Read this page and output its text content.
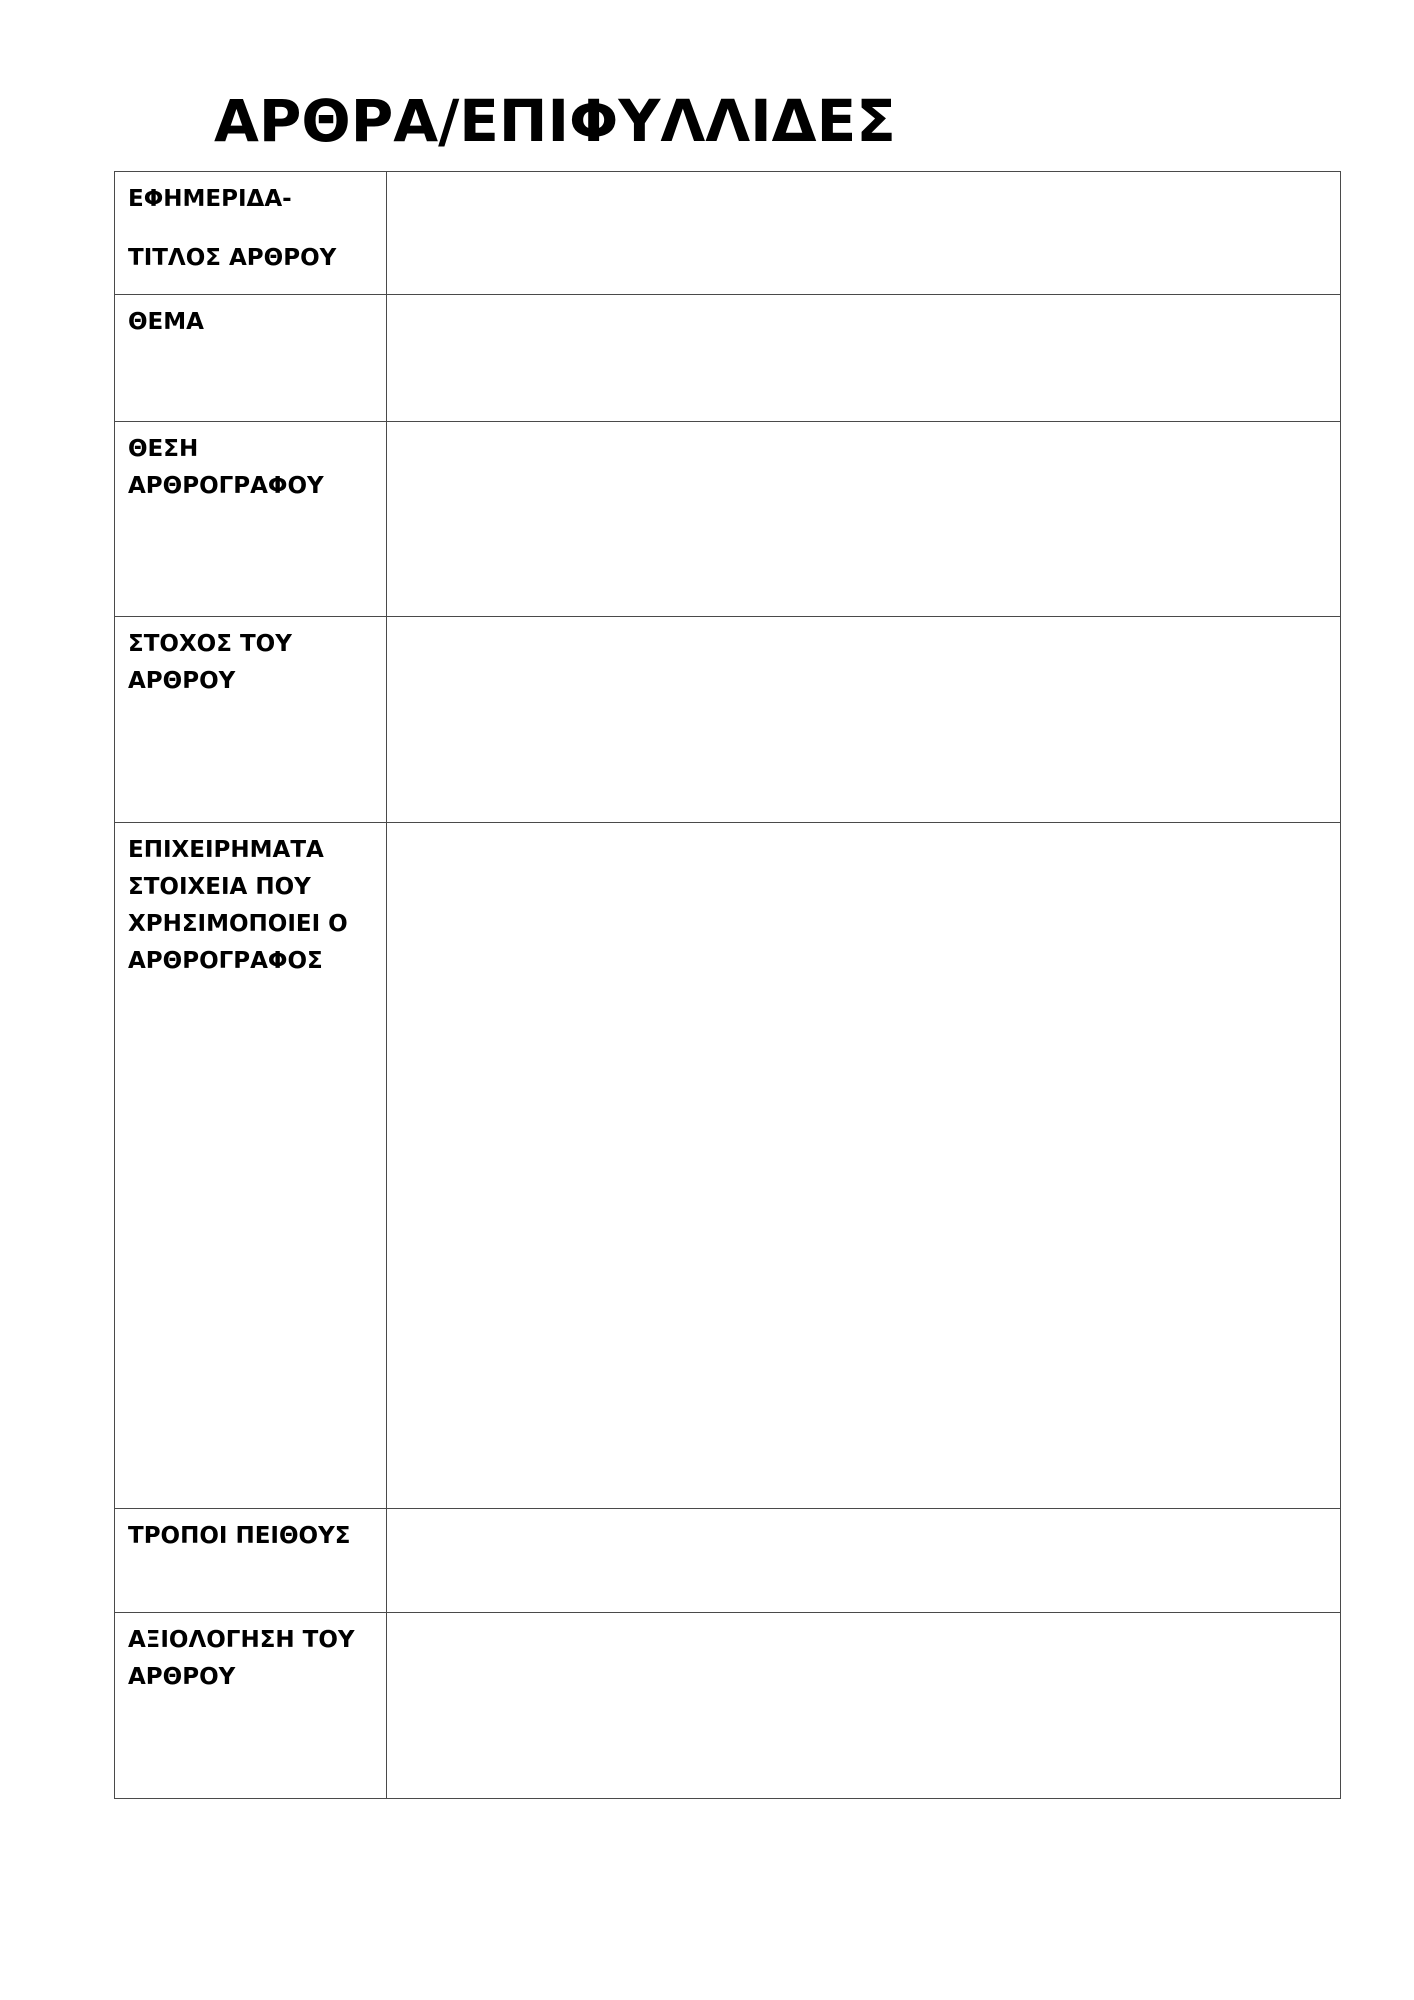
ΑΡΘΡΑ/ΕΠΙΦΥΛΛΙΔΕΣ
ΕΦΗΜΕΡΙΔΑ-
ΤΙΤΛΟΣ ΑΡΘΡΟΥ	

ΘΕΜΑ	

ΘΕΣΗ
ΑΡΘΡΟΓΡΑΦΟΥ	

ΣΤΟΧΟΣ ΤΟΥ
ΑΡΘΡΟΥ	

ΕΠΙΧΕΙΡΗΜΑΤΑ
ΣΤΟΙΧΕΙΑ ΠΟΥ
ΧΡΗΣΙΜΟΠΟΙΕΙ Ο
ΑΡΘΡΟΓΡΑΦΟΣ	

ΤΡΟΠΟΙ ΠΕΙΘΟΥΣ	

ΑΞΙΟΛΟΓΗΣΗ ΤΟΥ
ΑΡΘΡΟΥ	
